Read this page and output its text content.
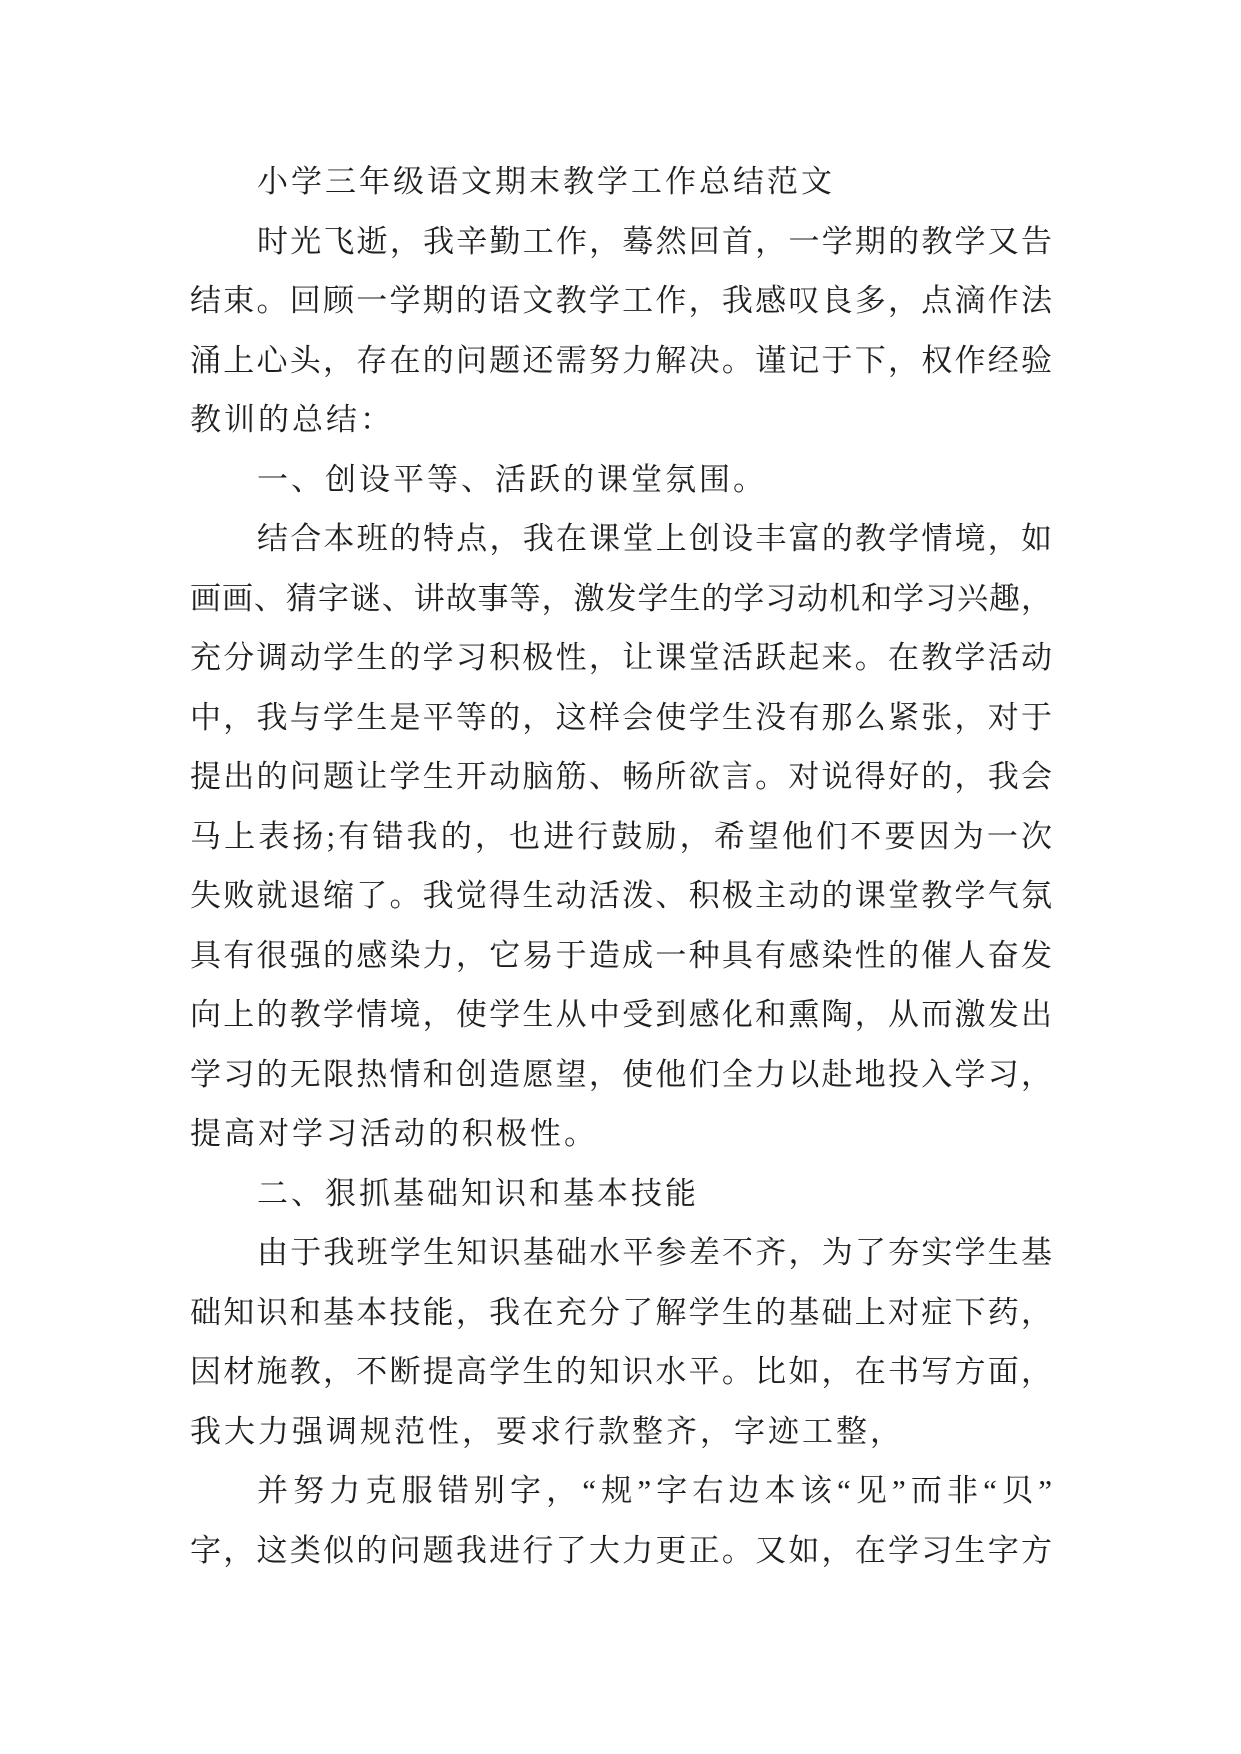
小学三年级语文期末教学工作总结范文
时光飞逝，我辛勤工作，蓦然回首，一学期的教学又告
结束。回顾一学期的语文教学工作，我感叹良多，点滴作法
涌上心头，存在的问题还需努力解决。谨记于下，权作经验
教训的总结：
一、创设平等、活跃的课堂氛围。
结合本班的特点，我在课堂上创设丰富的教学情境，如
画画、猜字谜、讲故事等，激发学生的学习动机和学习兴趣，
充分调动学生的学习积极性，让课堂活跃起来。在教学活动
中，我与学生是平等的，这样会使学生没有那么紧张，对于
提出的问题让学生开动脑筋、畅所欲言。对说得好的，我会
马上表扬;有错我的，也进行鼓励，希望他们不要因为一次
失败就退缩了。我觉得生动活泼、积极主动的课堂教学气氛
具有很强的感染力，它易于造成一种具有感染性的催人奋发
向上的教学情境，使学生从中受到感化和熏陶，从而激发出
学习的无限热情和创造愿望，使他们全力以赴地投入学习，
提高对学习活动的积极性。
二、狠抓基础知识和基本技能
由于我班学生知识基础水平参差不齐，为了夯实学生基
础知识和基本技能，我在充分了解学生的基础上对症下药，
因材施教，不断提高学生的知识水平。比如，在书写方面，
我大力强调规范性，要求行款整齐，字迹工整，
并努力克服错别字，“规”字右边本该“见”而非“贝”
字，这类似的问题我进行了大力更正。又如，在学习生字方
